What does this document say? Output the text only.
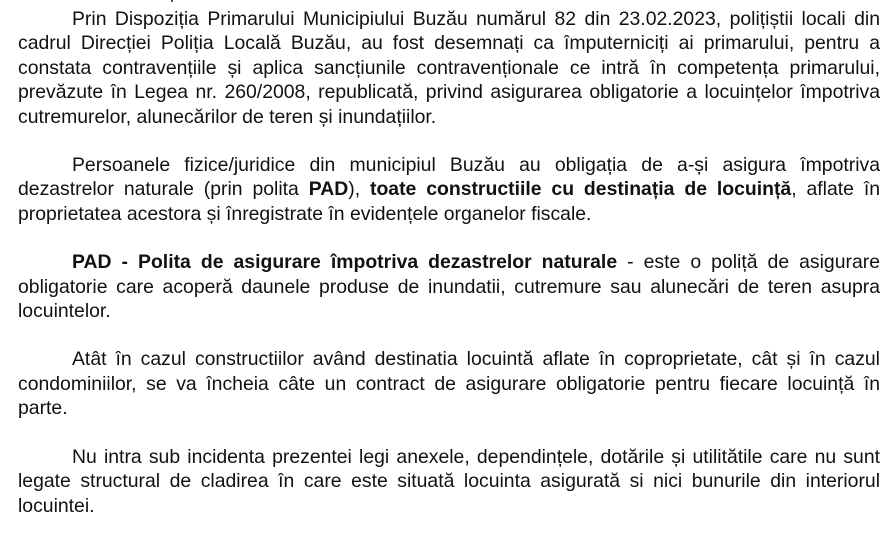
Prin Dispoziția Primarului Municipiului Buzău numărul 82 din 23.02.2023, polițiștii locali din cadrul Direcției Poliția Locală Buzău, au fost desemnați ca împuterniciți ai primarului, pentru a constata contravențiile și aplica sancțiunile contravenționale ce intră în competența primarului, prevăzute în Legea nr. 260/2008, republicată, privind asigurarea obligatorie a locuințelor împotriva cutremurelor, alunecărilor de teren și inundațiilor.

Persoanele fizice/juridice din municipiul Buzău au obligația de a-și asigura împotriva dezastrelor naturale (prin polita PAD), toate constructiile cu destinația de locuință, aflate în proprietatea acestora și înregistrate în evidențele organelor fiscale.

PAD - Polita de asigurare împotriva dezastrelor naturale - este o poliță de asigurare obligatorie care acoperă daunele produse de inundatii, cutremure sau alunecări de teren asupra locuintelor.

Atât în cazul constructiilor având destinatia locuintă aflate în coproprietate, cât și în cazul condominiilor, se va încheia câte un contract de asigurare obligatorie pentru fiecare locuință în parte.

Nu intra sub incidenta prezentei legi anexele, dependințele, dotările și utilitătile care nu sunt legate structural de cladirea în care este situată locuinta asigurată si nici bunurile din interiorul locuintei.
